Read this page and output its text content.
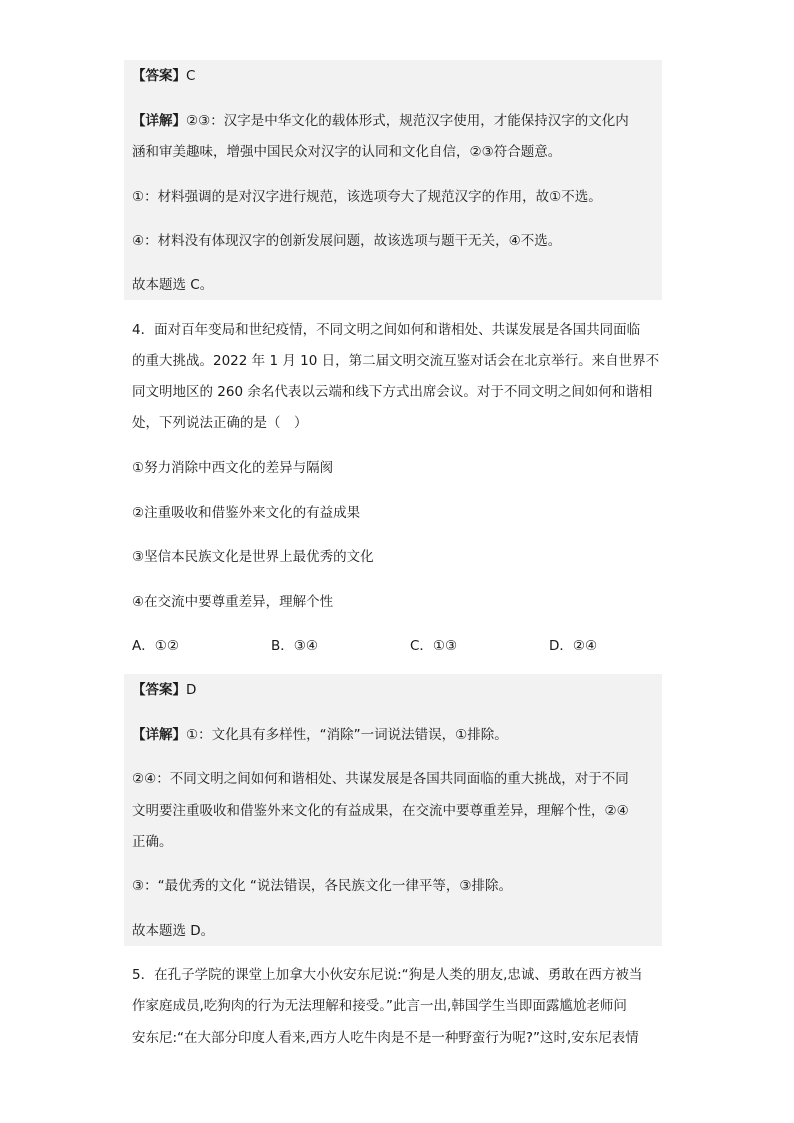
【答案】C
【详解】②③：汉字是中华文化的载体形式，规范汉字使用，才能保持汉字的文化内
涵和审美趣味，增强中国民众对汉字的认同和文化自信，②③符合题意。
①：材料强调的是对汉字进行规范，该选项夸大了规范汉字的作用，故①不选。
④：材料没有体现汉字的创新发展问题，故该选项与题干无关，④不选。
故本题选 C。
4．面对百年变局和世纪疫情，不同文明之间如何和谐相处、共谋发展是各国共同面临
的重大挑战。2022 年 1 月 10 日，第二届文明交流互鉴对话会在北京举行。来自世界不
同文明地区的 260 余名代表以云端和线下方式出席会议。对于不同文明之间如何和谐相
处，下列说法正确的是（　）
①努力消除中西文化的差异与隔阂
②注重吸收和借鉴外来文化的有益成果
③坚信本民族文化是世界上最优秀的文化
④在交流中要尊重差异，理解个性
A．①②	B．③④	C．①③	D．②④
【答案】D
【详解】①：文化具有多样性，“消除”一词说法错误，①排除。
②④：不同文明之间如何和谐相处、共谋发展是各国共同面临的重大挑战，对于不同
文明要注重吸收和借鉴外来文化的有益成果，在交流中要尊重差异，理解个性，②④
正确。
③：“最优秀的文化 “说法错误，各民族文化一律平等，③排除。
故本题选 D。
5．在孔子学院的课堂上加拿大小伙安东尼说:“狗是人类的朋友,忠诚、勇敢在西方被当
作家庭成员,吃狗肉的行为无法理解和接受。”此言一出,韩国学生当即面露尴尬老师问
安东尼:“在大部分印度人看来,西方人吃牛肉是不是一种野蛮行为呢?”这时,安东尼表情
